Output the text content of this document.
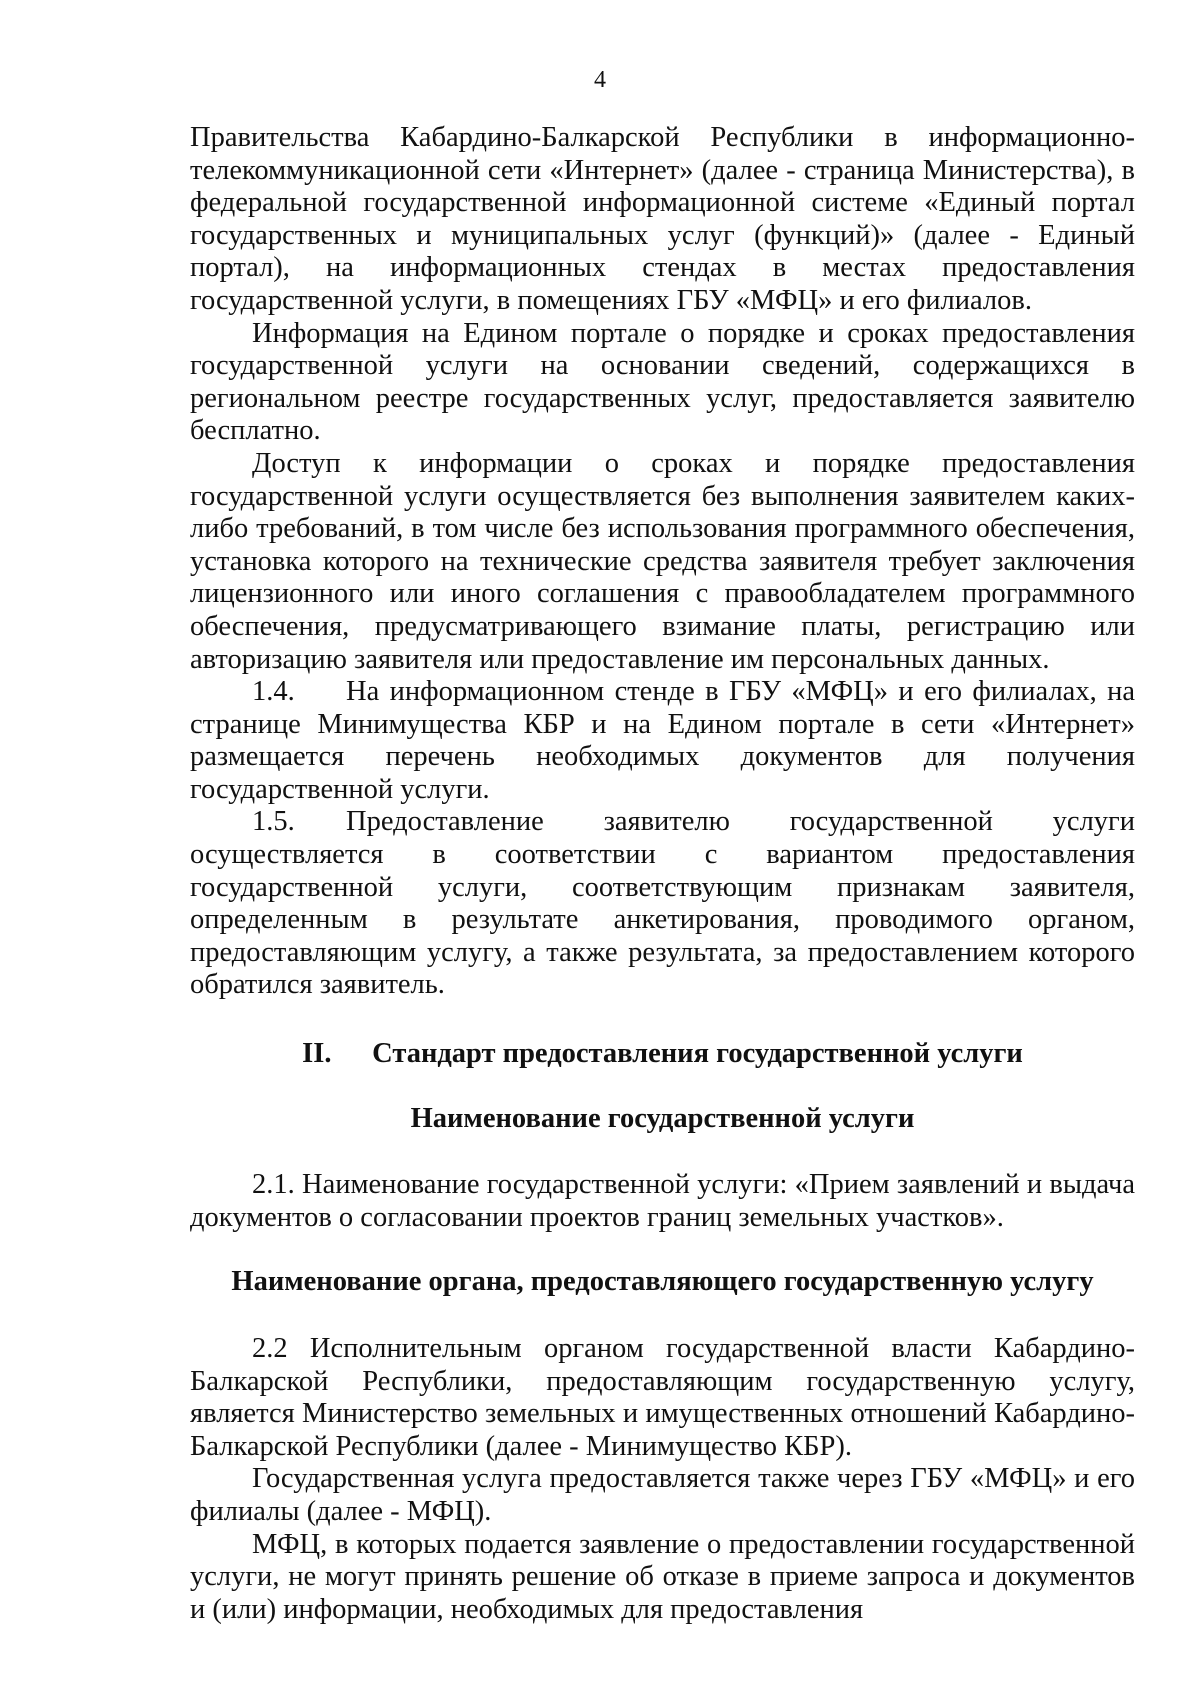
4

Правительства Кабардино-Балкарской Республики в информационно-телекоммуникационной сети «Интернет» (далее - страница Министерства), в федеральной государственной информационной системе «Единый портал государственных и муниципальных услуг (функций)» (далее - Единый портал), на информационных стендах в местах предоставления государственной услуги, в помещениях ГБУ «МФЦ» и его филиалов.

Информация на Едином портале о порядке и сроках предоставления государственной услуги на основании сведений, содержащихся в региональном реестре государственных услуг, предоставляется заявителю бесплатно.

Доступ к информации о сроках и порядке предоставления государственной услуги осуществляется без выполнения заявителем каких-либо требований, в том числе без использования программного обеспечения, установка которого на технические средства заявителя требует заключения лицензионного или иного соглашения с правообладателем программного обеспечения, предусматривающего взимание платы, регистрацию или авторизацию заявителя или предоставление им персональных данных.

1.4. На информационном стенде в ГБУ «МФЦ» и его филиалах, на странице Минимущества КБР и на Едином портале в сети «Интернет» размещается перечень необходимых документов для получения государственной услуги.

1.5. Предоставление заявителю государственной услуги осуществляется в соответствии с вариантом предоставления государственной услуги, соответствующим признакам заявителя, определенным в результате анкетирования, проводимого органом, предоставляющим услугу, а также результата, за предоставлением которого обратился заявитель.

II. Стандарт предоставления государственной услуги
Наименование государственной услуги

2.1. Наименование государственной услуги: «Прием заявлений и выдача документов о согласовании проектов границ земельных участков».

Наименование органа, предоставляющего государственную услугу

2.2 Исполнительным органом государственной власти Кабардино-Балкарской Республики, предоставляющим государственную услугу, является Министерство земельных и имущественных отношений Кабардино-Балкарской Республики (далее - Минимущество КБР).

Государственная услуга предоставляется также через ГБУ «МФЦ» и его филиалы (далее - МФЦ).

МФЦ, в которых подается заявление о предоставлении государственной услуги, не могут принять решение об отказе в приеме запроса и документов и (или) информации, необходимых для предоставления
